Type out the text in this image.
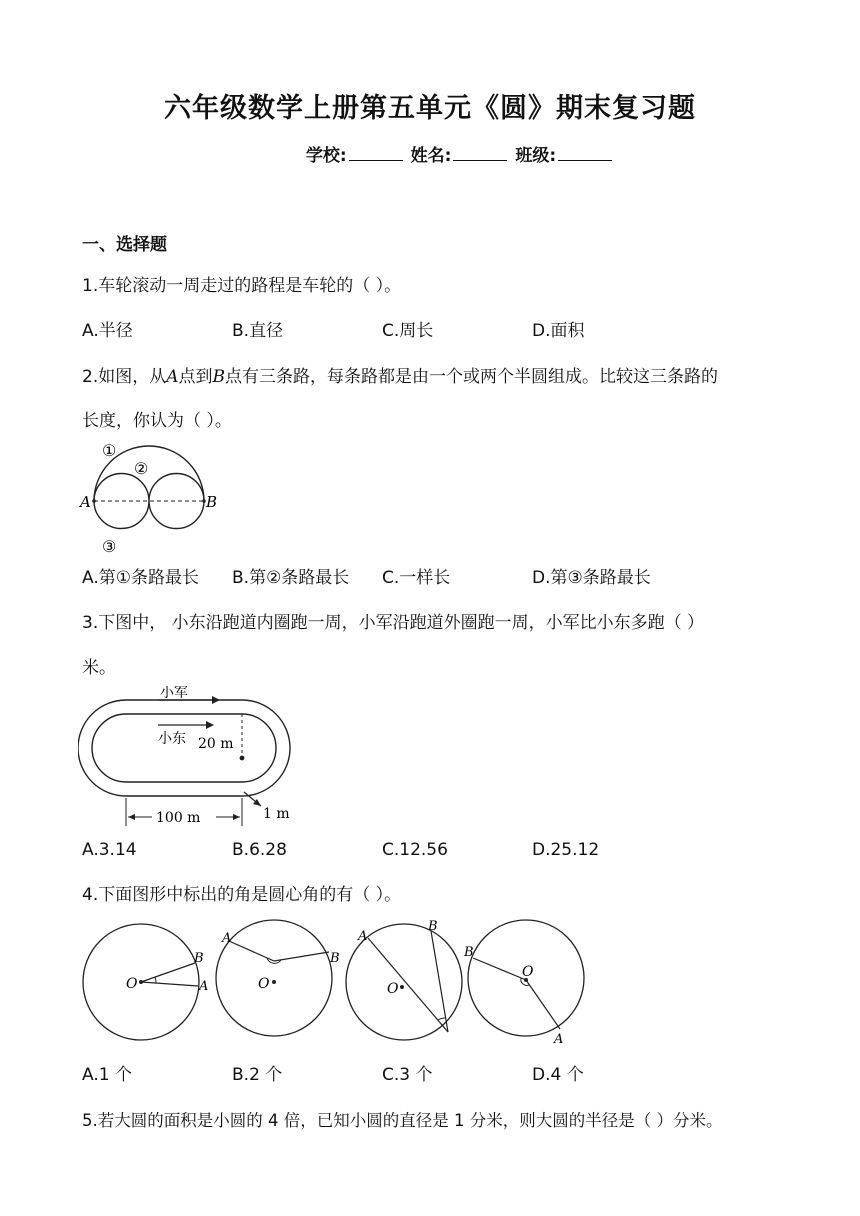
六年级数学上册第五单元《圆》期末复习题
学校:	姓名:	班级:
一、选择题
1.车轮滚动一周走过的路程是车轮的（ ）。
A.半径	B.直径	C.周长	D.面积
2.如图，从A点到B点有三条路，每条路都是由一个或两个半圆组成。比较这三条路的
长度，你认为（ ）。
①
②
③
A	B
A.第①条路最长 B.第②条路最长 C.一样长	D.第③条路最长
3.下图中， 小东沿跑道内圈跑一周，小军沿跑道外圈跑一周，小军比小东多跑（ ）
米。
小军
小东 20 m
100 m	1 m
A.3.14	B.6.28	C.12.56	D.25.12
4.下面图形中标出的角是圆心角的有（ ）。
O
B
A	O
A
B
O
A
B
O
B
A
A.1 个	B.2 个	C.3 个	D.4 个
5.若大圆的面积是小圆的 4 倍，已知小圆的直径是 1 分米，则大圆的半径是（ ）分米。
